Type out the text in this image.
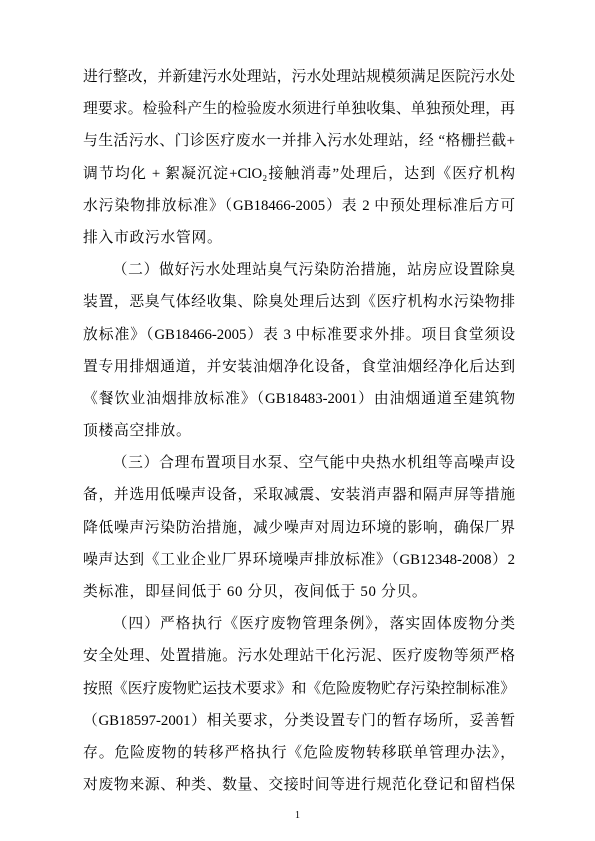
进行整改，并新建污水处理站，污水处理站规模须满足医院污水处
理要求。检验科产生的检验废水须进行单独收集、单独预处理，再
与生活污水、门诊医疗废水一并排入污水处理站，经 “格栅拦截+
调节均化 + 絮凝沉淀+ClO₂接触消毒”处理后，达到《医疗机构
水污染物排放标准》（GB18466-2005）表 2 中预处理标准后方可
排入市政污水管网。
（二）做好污水处理站臭气污染防治措施，站房应设置除臭
装置，恶臭气体经收集、除臭处理后达到《医疗机构水污染物排
放标准》（GB18466-2005）表 3 中标准要求外排。项目食堂须设
置专用排烟通道，并安装油烟净化设备，食堂油烟经净化后达到
《餐饮业油烟排放标准》（GB18483-2001）由油烟通道至建筑物
顶楼高空排放。
（三）合理布置项目水泵、空气能中央热水机组等高噪声设
备，并选用低噪声设备，采取减震、安装消声器和隔声屏等措施
降低噪声污染防治措施，减少噪声对周边环境的影响，确保厂界
噪声达到《工业企业厂界环境噪声排放标准》（GB12348-2008）2
类标准，即昼间低于 60 分贝，夜间低于 50 分贝。
（四）严格执行《医疗废物管理条例》，落实固体废物分类
安全处理、处置措施。污水处理站干化污泥、医疗废物等须严格
按照《医疗废物贮运技术要求》和《危险废物贮存污染控制标准》
（GB18597-2001）相关要求，分类设置专门的暂存场所，妥善暂
存。危险废物的转移严格执行《危险废物转移联单管理办法》，
对废物来源、种类、数量、交接时间等进行规范化登记和留档保
1
